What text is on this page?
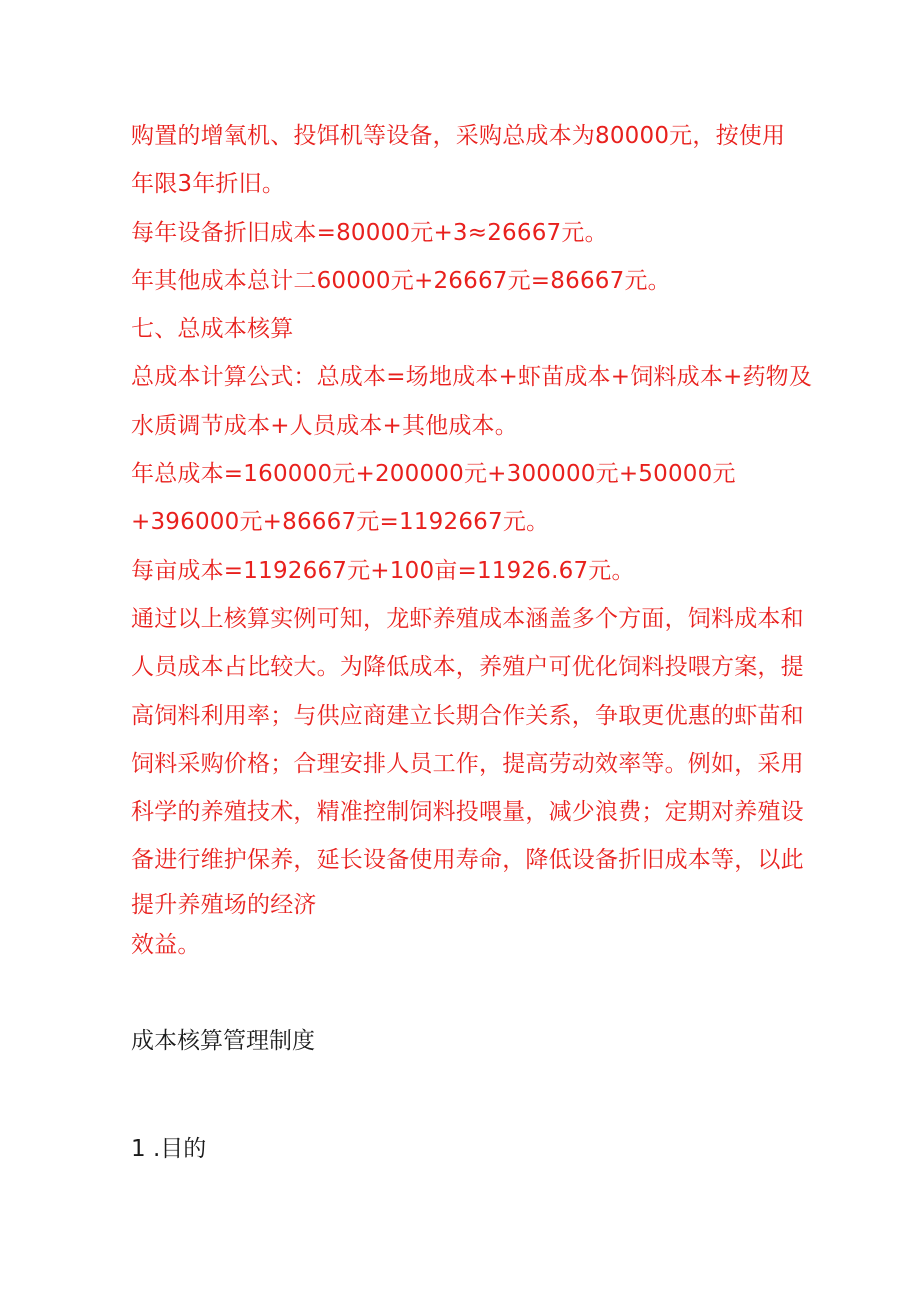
购置的增氧机、投饵机等设备，采购总成本为80000元，按使用
年限3年折旧。
每年设备折旧成本=80000元+3≈26667元。
年其他成本总计二60000元+26667元=86667元。
七、总成本核算
总成本计算公式：总成本=场地成本+虾苗成本+饲料成本+药物及
水质调节成本+人员成本+其他成本。
年总成本=160000元+200000元+300000元+50000元
+396000元+86667元=1192667元。
每亩成本=1192667元+100亩=11926.67元。
通过以上核算实例可知，龙虾养殖成本涵盖多个方面，饲料成本和
人员成本占比较大。为降低成本，养殖户可优化饲料投喂方案，提
高饲料利用率；与供应商建立长期合作关系，争取更优惠的虾苗和
饲料采购价格；合理安排人员工作，提高劳动效率等。例如，采用
科学的养殖技术，精准控制饲料投喂量，减少浪费；定期对养殖设
备进行维护保养，延长设备使用寿命，降低设备折旧成本等，以此
提升养殖场的经济
效益。
成本核算管理制度
1 .目的
